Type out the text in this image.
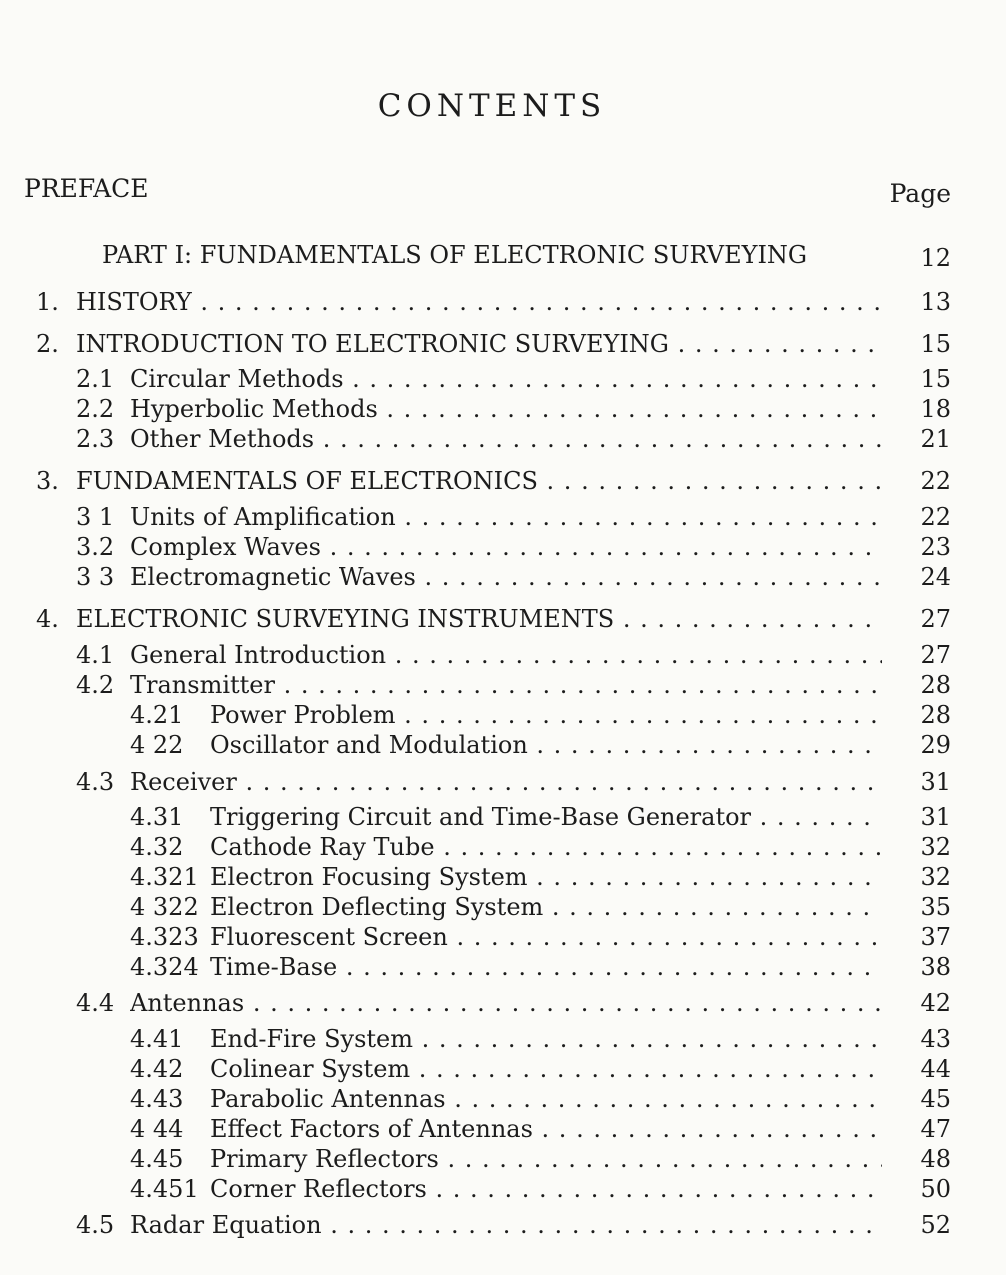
CONTENTS
PREFACE	Page
PART I: FUNDAMENTALS OF ELECTRONIC SURVEYING	12
1. HISTORY . . .	13
2. INTRODUCTION TO ELECTRONIC SURVEYING . . .	15
2.1 Circular Methods . . .	15
2.2 Hyperbolic Methods . . .	18
2.3 Other Methods . . .	21
3. FUNDAMENTALS OF ELECTRONICS . . .	22
3 1 Units of Amplification . . .	22
3.2 Complex Waves . . .	23
3 3 Electromagnetic Waves . . .	24
4. ELECTRONIC SURVEYING INSTRUMENTS . . .	27
4.1 General Introduction . . .	27
4.2 Transmitter . . .	28
4.21 Power Problem . . .	28
4 22 Oscillator and Modulation . . .	29
4.3 Receiver . . .	31
4.31 Triggering Circuit and Time-Base Generator . . .	31
4.32 Cathode Ray Tube . . .	32
4.321 Electron Focusing System . . .	32
4 322 Electron Deflecting System . . .	35
4.323 Fluorescent Screen . . .	37
4.324 Time-Base . . .	38
4.4 Antennas . . .	42
4.41 End-Fire System . . .	43
4.42 Colinear System . . .	44
4.43 Parabolic Antennas . . .	45
4 44 Effect Factors of Antennas . . .	47
4.45 Primary Reflectors . . .	48
4.451 Corner Reflectors . . .	50
4.5 Radar Equation . . .	52
